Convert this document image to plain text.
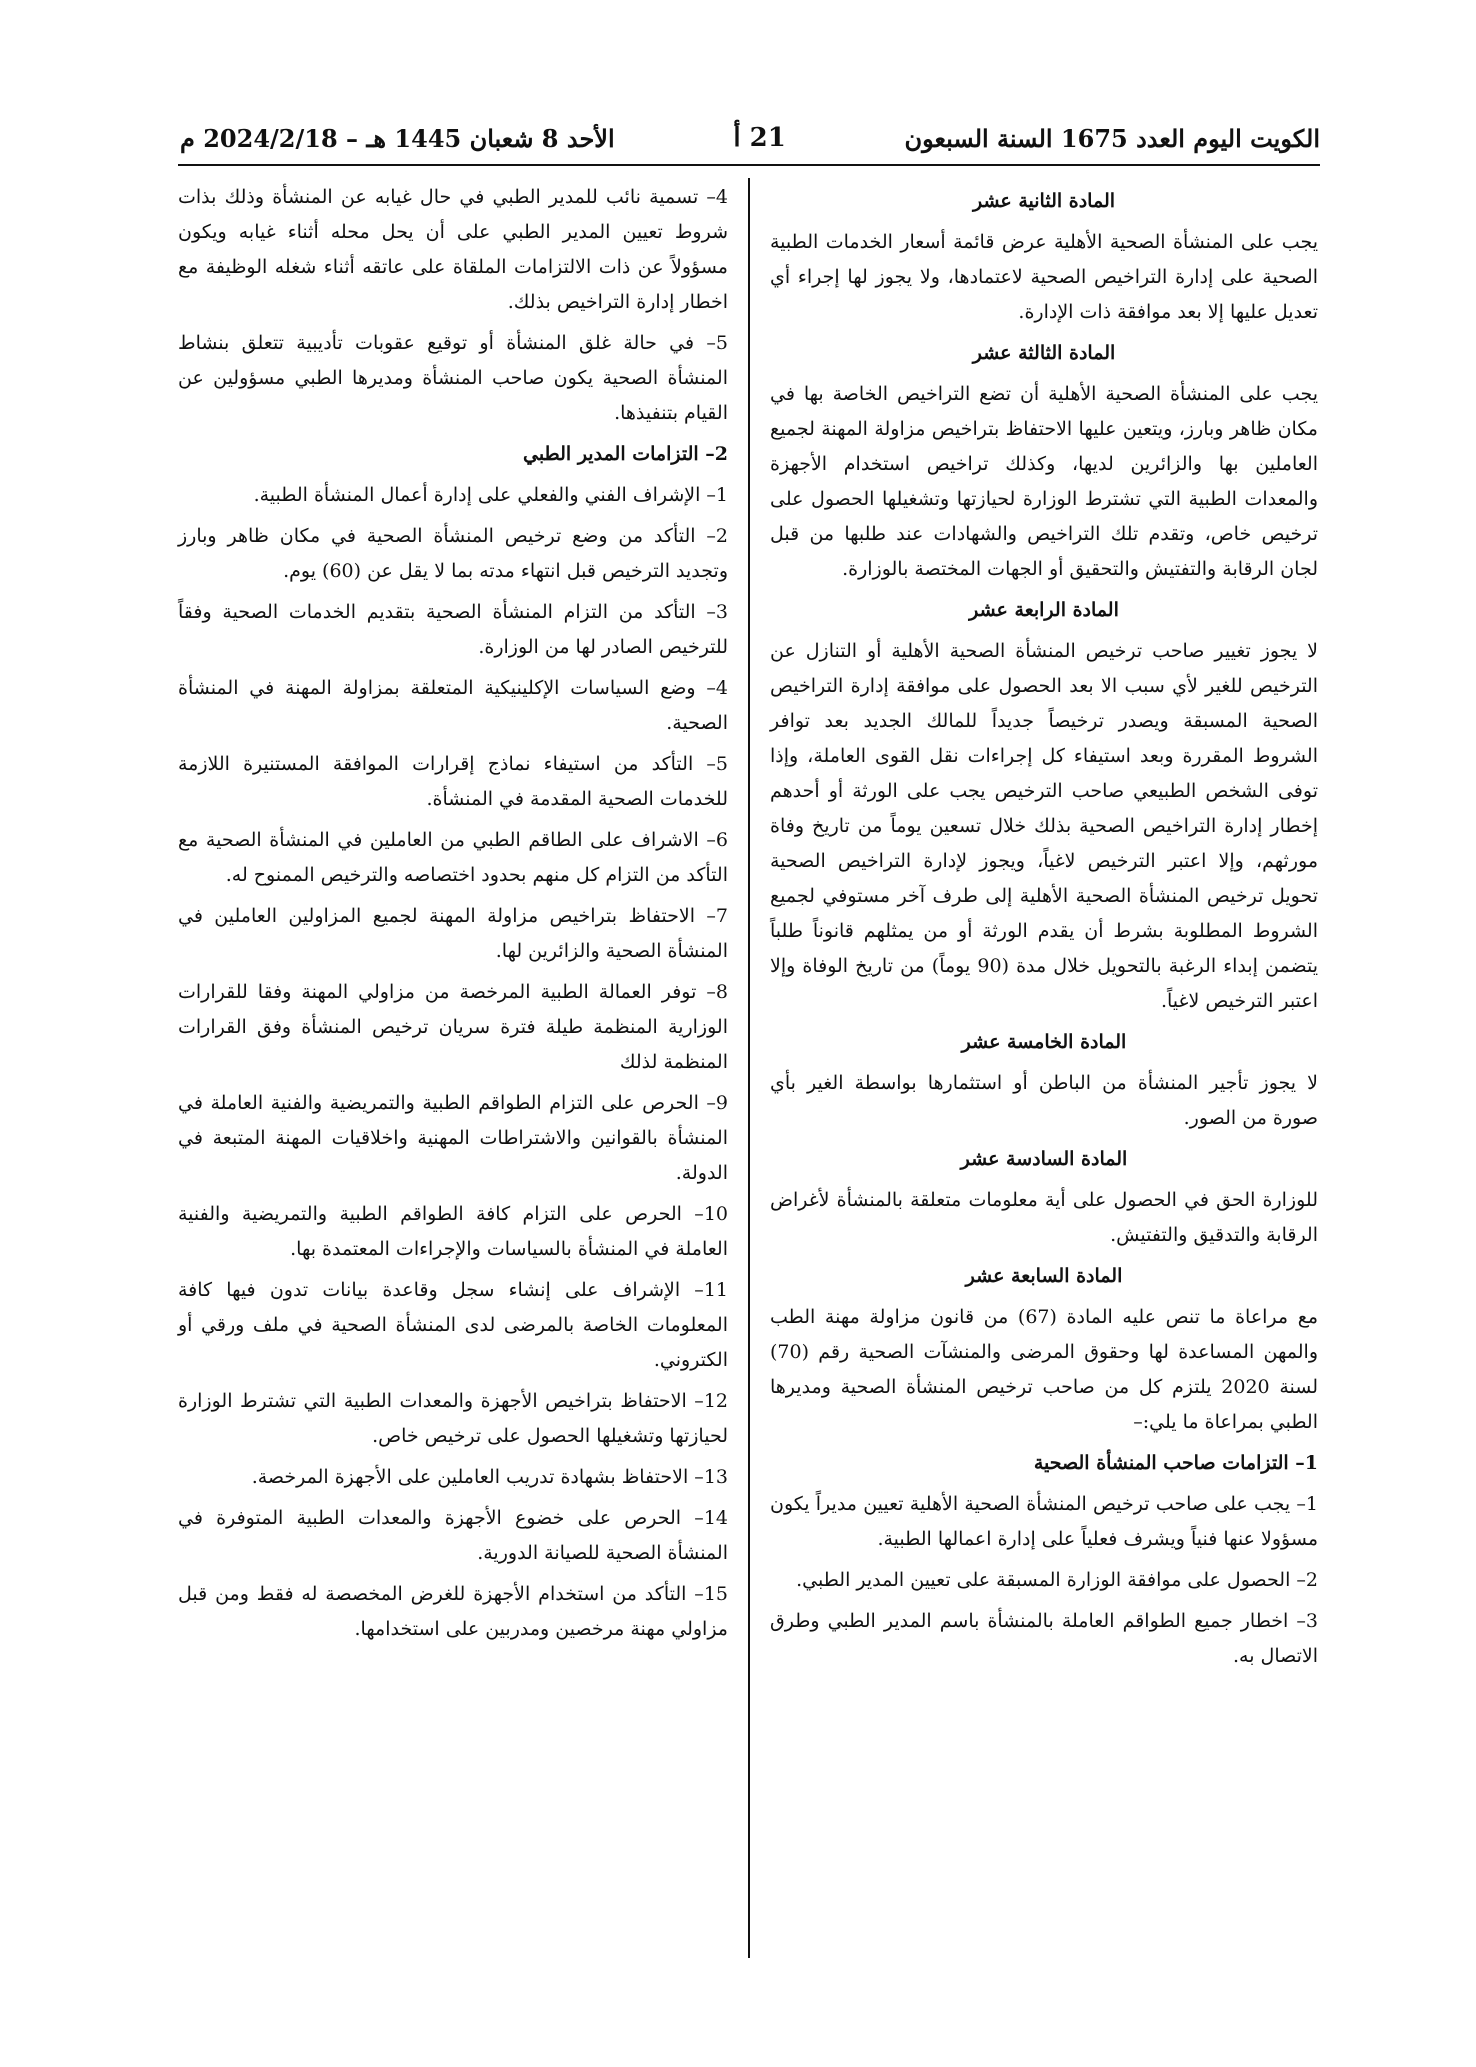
الكويت اليوم العدد 1675 السنة السبعون
21 أ
الأحد 8 شعبان 1445 هـ – 2024/2/18 م

المادة الثانية عشر

يجب على المنشأة الصحية الأهلية عرض قائمة أسعار الخدمات الطبية الصحية على إدارة التراخيص الصحية لاعتمادها، ولا يجوز لها إجراء أي تعديل عليها إلا بعد موافقة ذات الإدارة.

المادة الثالثة عشر

يجب على المنشأة الصحية الأهلية أن تضع التراخيص الخاصة بها في مكان ظاهر وبارز، ويتعين عليها الاحتفاظ بتراخيص مزاولة المهنة لجميع العاملين بها والزائرين لديها، وكذلك تراخيص استخدام الأجهزة والمعدات الطبية التي تشترط الوزارة لحيازتها وتشغيلها الحصول على ترخيص خاص، وتقدم تلك التراخيص والشهادات عند طلبها من قبل لجان الرقابة والتفتيش والتحقيق أو الجهات المختصة بالوزارة.

المادة الرابعة عشر

لا يجوز تغيير صاحب ترخيص المنشأة الصحية الأهلية أو التنازل عن الترخيص للغير لأي سبب الا بعد الحصول على موافقة إدارة التراخيص الصحية المسبقة ويصدر ترخيصاً جديداً للمالك الجديد بعد توافر الشروط المقررة وبعد استيفاء كل إجراءات نقل القوى العاملة، وإذا توفى الشخص الطبيعي صاحب الترخيص يجب على الورثة أو أحدهم إخطار إدارة التراخيص الصحية بذلك خلال تسعين يوماً من تاريخ وفاة مورثهم، وإلا اعتبر الترخيص لاغياً، ويجوز لإدارة التراخيص الصحية تحويل ترخيص المنشأة الصحية الأهلية إلى طرف آخر مستوفي لجميع الشروط المطلوبة بشرط أن يقدم الورثة أو من يمثلهم قانوناً طلباً يتضمن إبداء الرغبة بالتحويل خلال مدة (90 يوماً) من تاريخ الوفاة وإلا اعتبر الترخيص لاغياً.

المادة الخامسة عشر

لا يجوز تأجير المنشأة من الباطن أو استثمارها بواسطة الغير بأي صورة من الصور.

المادة السادسة عشر

للوزارة الحق في الحصول على أية معلومات متعلقة بالمنشأة لأغراض الرقابة والتدقيق والتفتيش.

المادة السابعة عشر

مع مراعاة ما تنص عليه المادة (67) من قانون مزاولة مهنة الطب والمهن المساعدة لها وحقوق المرضى والمنشآت الصحية رقم (70) لسنة 2020 يلتزم كل من صاحب ترخيص المنشأة الصحية ومديرها الطبي بمراعاة ما يلي:–

1– التزامات صاحب المنشأة الصحية

1– يجب على صاحب ترخيص المنشأة الصحية الأهلية تعيين مديراً يكون مسؤولا عنها فنياً ويشرف فعلياً على إدارة اعمالها الطبية.

2– الحصول على موافقة الوزارة المسبقة على تعيين المدير الطبي.

3– اخطار جميع الطواقم العاملة بالمنشأة باسم المدير الطبي وطرق الاتصال به.

4– تسمية نائب للمدير الطبي في حال غيابه عن المنشأة وذلك بذات شروط تعيين المدير الطبي على أن يحل محله أثناء غيابه ويكون مسؤولاً عن ذات الالتزامات الملقاة على عاتقه أثناء شغله الوظيفة مع اخطار إدارة التراخيص بذلك.

5– في حالة غلق المنشأة أو توقيع عقوبات تأديبية تتعلق بنشاط المنشأة الصحية يكون صاحب المنشأة ومديرها الطبي مسؤولين عن القيام بتنفيذها.

2– التزامات المدير الطبي

1– الإشراف الفني والفعلي على إدارة أعمال المنشأة الطبية.

2– التأكد من وضع ترخيص المنشأة الصحية في مكان ظاهر وبارز وتجديد الترخيص قبل انتهاء مدته بما لا يقل عن (60) يوم.

3– التأكد من التزام المنشأة الصحية بتقديم الخدمات الصحية وفقاً للترخيص الصادر لها من الوزارة.

4– وضع السياسات الإكلينيكية المتعلقة بمزاولة المهنة في المنشأة الصحية.

5– التأكد من استيفاء نماذج إقرارات الموافقة المستنيرة اللازمة للخدمات الصحية المقدمة في المنشأة.

6– الاشراف على الطاقم الطبي من العاملين في المنشأة الصحية مع التأكد من التزام كل منهم بحدود اختصاصه والترخيص الممنوح له.

7– الاحتفاظ بتراخيص مزاولة المهنة لجميع المزاولين العاملين في المنشأة الصحية والزائرين لها.

8– توفر العمالة الطبية المرخصة من مزاولي المهنة وفقا للقرارات الوزارية المنظمة طيلة فترة سريان ترخيص المنشأة وفق القرارات المنظمة لذلك

9– الحرص على التزام الطواقم الطبية والتمريضية والفنية العاملة في المنشأة بالقوانين والاشتراطات المهنية واخلاقيات المهنة المتبعة في الدولة.

10– الحرص على التزام كافة الطواقم الطبية والتمريضية والفنية العاملة في المنشأة بالسياسات والإجراءات المعتمدة بها.

11– الإشراف على إنشاء سجل وقاعدة بيانات تدون فيها كافة المعلومات الخاصة بالمرضى لدى المنشأة الصحية في ملف ورقي أو الكتروني.

12– الاحتفاظ بتراخيص الأجهزة والمعدات الطبية التي تشترط الوزارة لحيازتها وتشغيلها الحصول على ترخيص خاص.

13– الاحتفاظ بشهادة تدريب العاملين على الأجهزة المرخصة.

14– الحرص على خضوع الأجهزة والمعدات الطبية المتوفرة في المنشأة الصحية للصيانة الدورية.

15– التأكد من استخدام الأجهزة للغرض المخصصة له فقط ومن قبل مزاولي مهنة مرخصين ومدربين على استخدامها.
